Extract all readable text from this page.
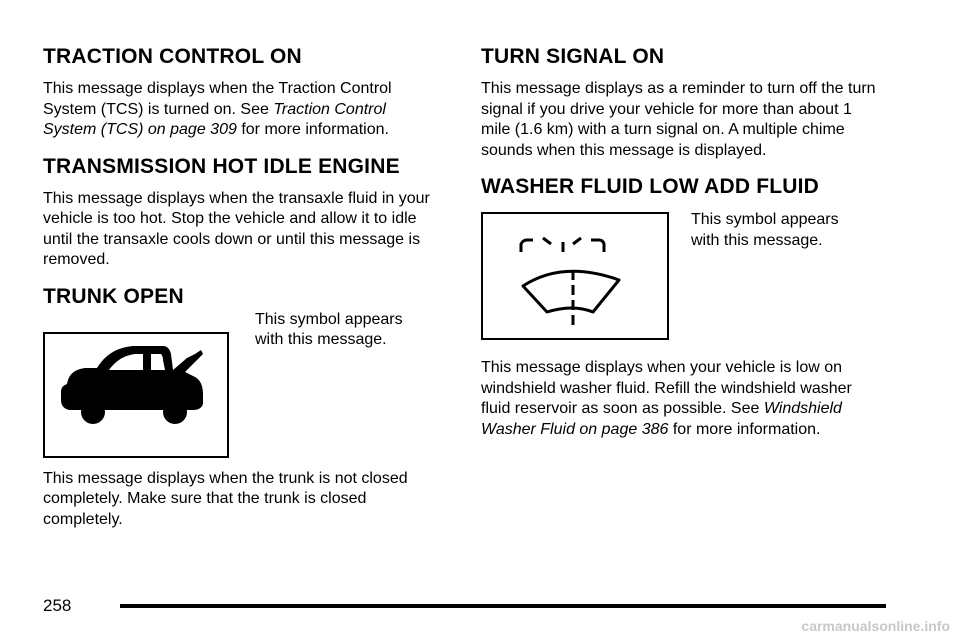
TRACTION CONTROL ON

This message displays when the Traction Control System (TCS) is turned on. See Traction Control System (TCS) on page 309 for more information.

TRANSMISSION HOT IDLE ENGINE

This message displays when the transaxle fluid in your vehicle is too hot. Stop the vehicle and allow it to idle until the transaxle cools down or until this message is removed.

TRUNK OPEN

This symbol appears with this message.

This message displays when the trunk is not closed completely. Make sure that the trunk is closed completely.

TURN SIGNAL ON

This message displays as a reminder to turn off the turn signal if you drive your vehicle for more than about 1 mile (1.6 km) with a turn signal on. A multiple chime sounds when this message is displayed.

WASHER FLUID LOW ADD FLUID

This symbol appears with this message.

This message displays when your vehicle is low on windshield washer fluid. Refill the windshield washer fluid reservoir as soon as possible. See Windshield Washer Fluid on page 386 for more information.

258
carmanualsonline.info
